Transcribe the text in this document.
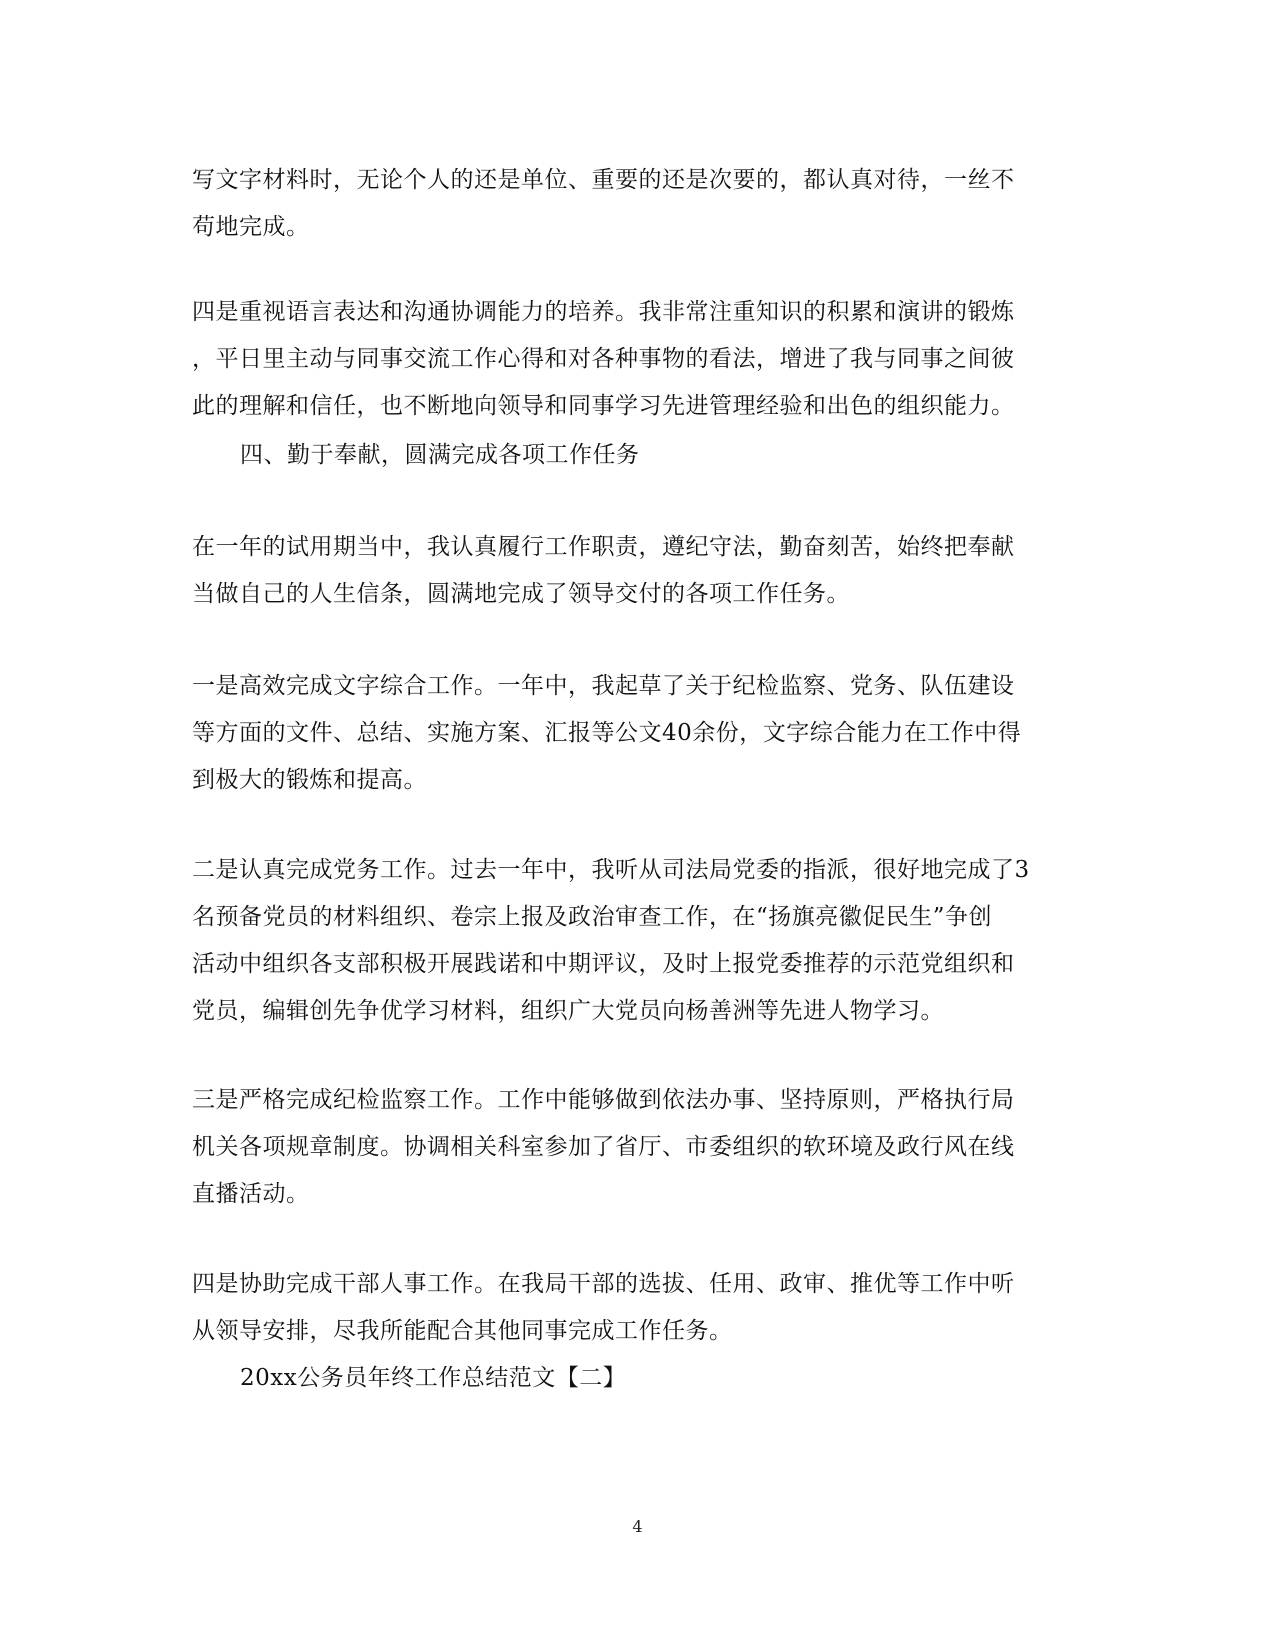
写文字材料时，无论个人的还是单位、重要的还是次要的，都认真对待，一丝不
苟地完成。

四是重视语言表达和沟通协调能力的培养。我非常注重知识的积累和演讲的锻炼
，平日里主动与同事交流工作心得和对各种事物的看法，增进了我与同事之间彼
此的理解和信任，也不断地向领导和同事学习先进管理经验和出色的组织能力。

四、勤于奉献，圆满完成各项工作任务

在一年的试用期当中，我认真履行工作职责，遵纪守法，勤奋刻苦，始终把奉献
当做自己的人生信条，圆满地完成了领导交付的各项工作任务。

一是高效完成文字综合工作。一年中，我起草了关于纪检监察、党务、队伍建设
等方面的文件、总结、实施方案、汇报等公文40余份，文字综合能力在工作中得
到极大的锻炼和提高。

二是认真完成党务工作。过去一年中，我听从司法局党委的指派，很好地完成了3
名预备党员的材料组织、卷宗上报及政治审查工作，在“扬旗亮徽促民生”争创
活动中组织各支部积极开展践诺和中期评议，及时上报党委推荐的示范党组织和
党员，编辑创先争优学习材料，组织广大党员向杨善洲等先进人物学习。

三是严格完成纪检监察工作。工作中能够做到依法办事、坚持原则，严格执行局
机关各项规章制度。协调相关科室参加了省厅、市委组织的软环境及政行风在线
直播活动。

四是协助完成干部人事工作。在我局干部的选拔、任用、政审、推优等工作中听
从领导安排，尽我所能配合其他同事完成工作任务。

20xx公务员年终工作总结范文【二】

4
